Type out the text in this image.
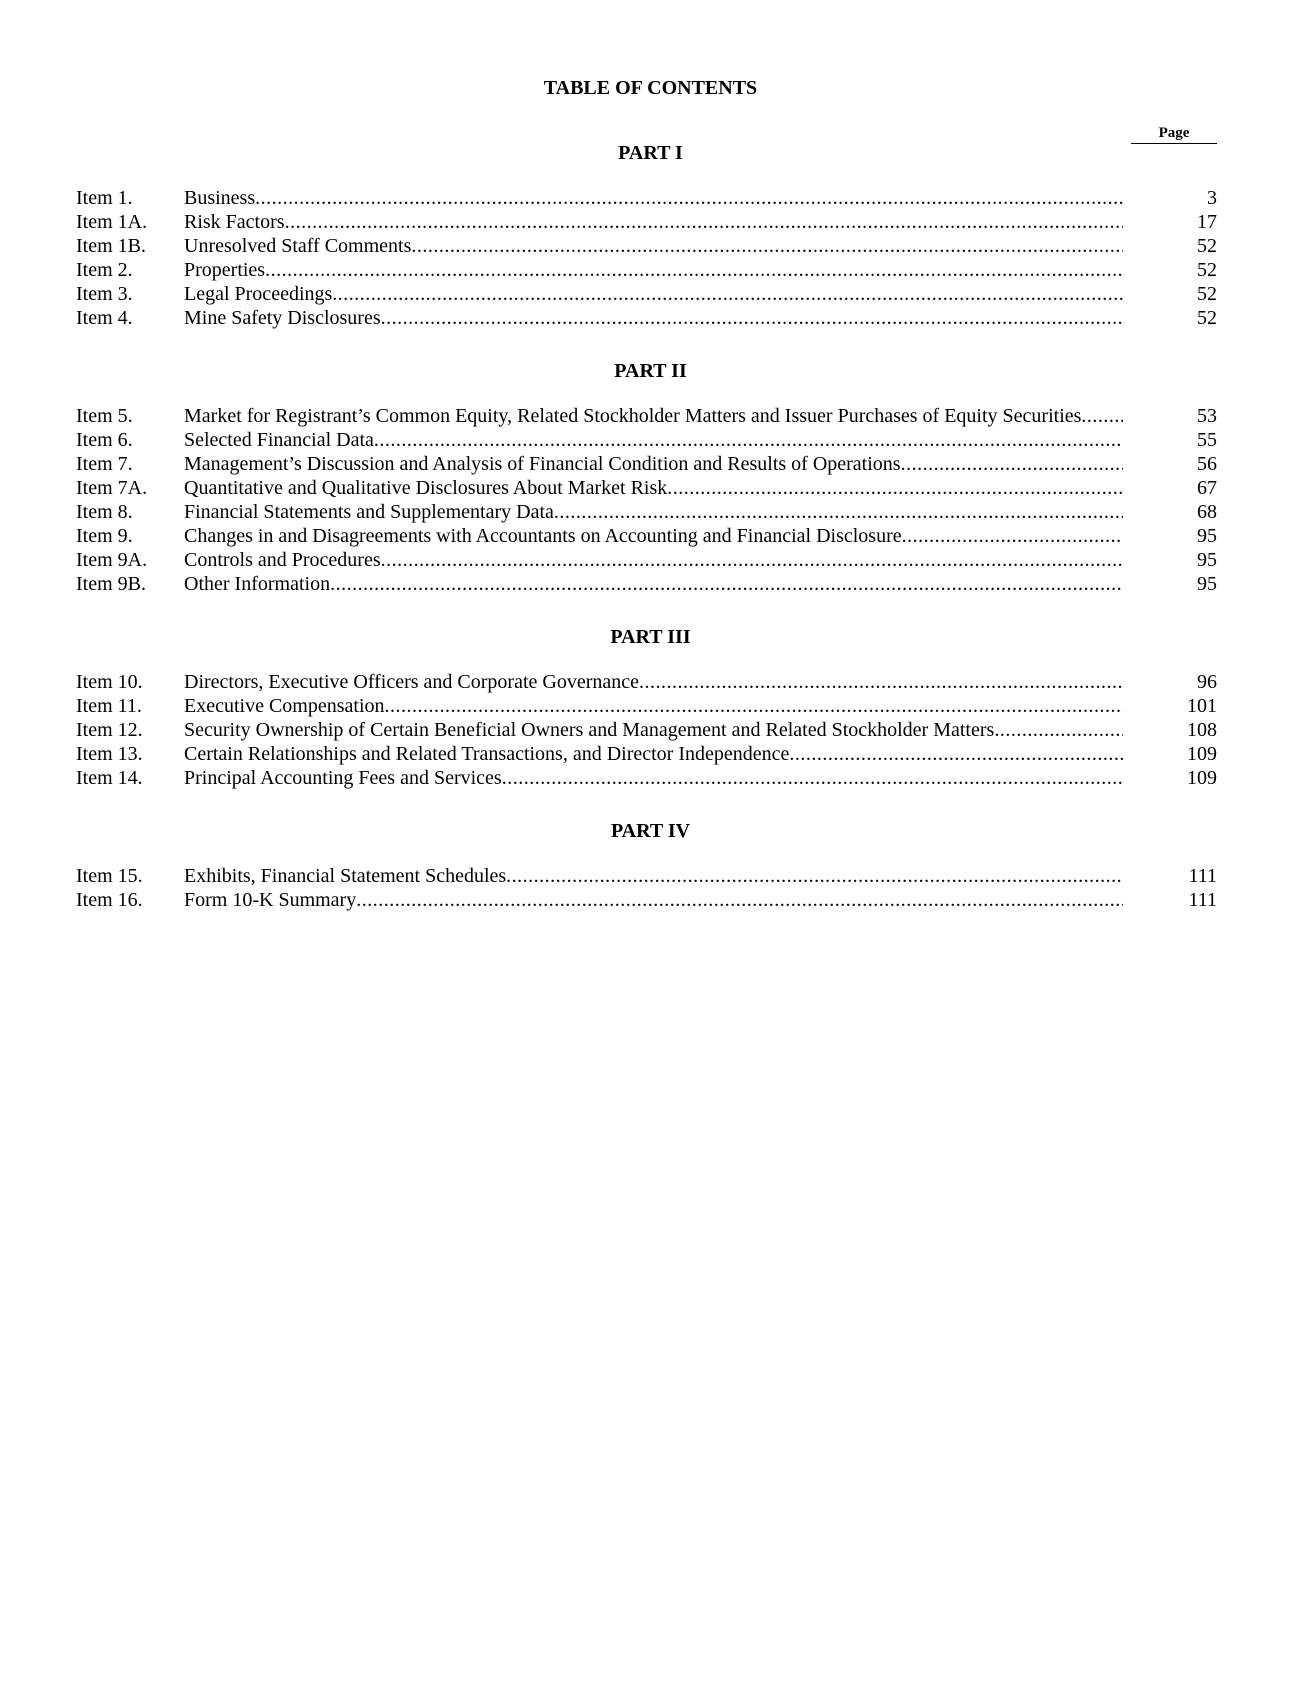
TABLE OF CONTENTS
Page
PART I
Item 1.	Business .....	3
Item 1A. Risk Factors .....	17
Item 1B. Unresolved Staff Comments .....	52
Item 2.	Properties .....	52
Item 3.	Legal Proceedings .....	52
Item 4.	Mine Safety Disclosures .....	52
PART II
Item 5.	Market for Registrant’s Common Equity, Related Stockholder Matters and Issuer Purchases of Equity Securities .....	53
Item 6.	Selected Financial Data .....	55
Item 7.	Management’s Discussion and Analysis of Financial Condition and Results of Operations .....	56
Item 7A. Quantitative and Qualitative Disclosures About Market Risk .....	67
Item 8.	Financial Statements and Supplementary Data .....	68
Item 9.	Changes in and Disagreements with Accountants on Accounting and Financial Disclosure .....	95
Item 9A. Controls and Procedures .....	95
Item 9B. Other Information .....	95
PART III
Item 10. Directors, Executive Officers and Corporate Governance .....	96
Item 11. Executive Compensation .....	101
Item 12. Security Ownership of Certain Beneficial Owners and Management and Related Stockholder Matters .....	108
Item 13. Certain Relationships and Related Transactions, and Director Independence .....	109
Item 14. Principal Accounting Fees and Services .....	109
PART IV
Item 15. Exhibits, Financial Statement Schedules .....	111
Item 16. Form 10-K Summary .....	111
